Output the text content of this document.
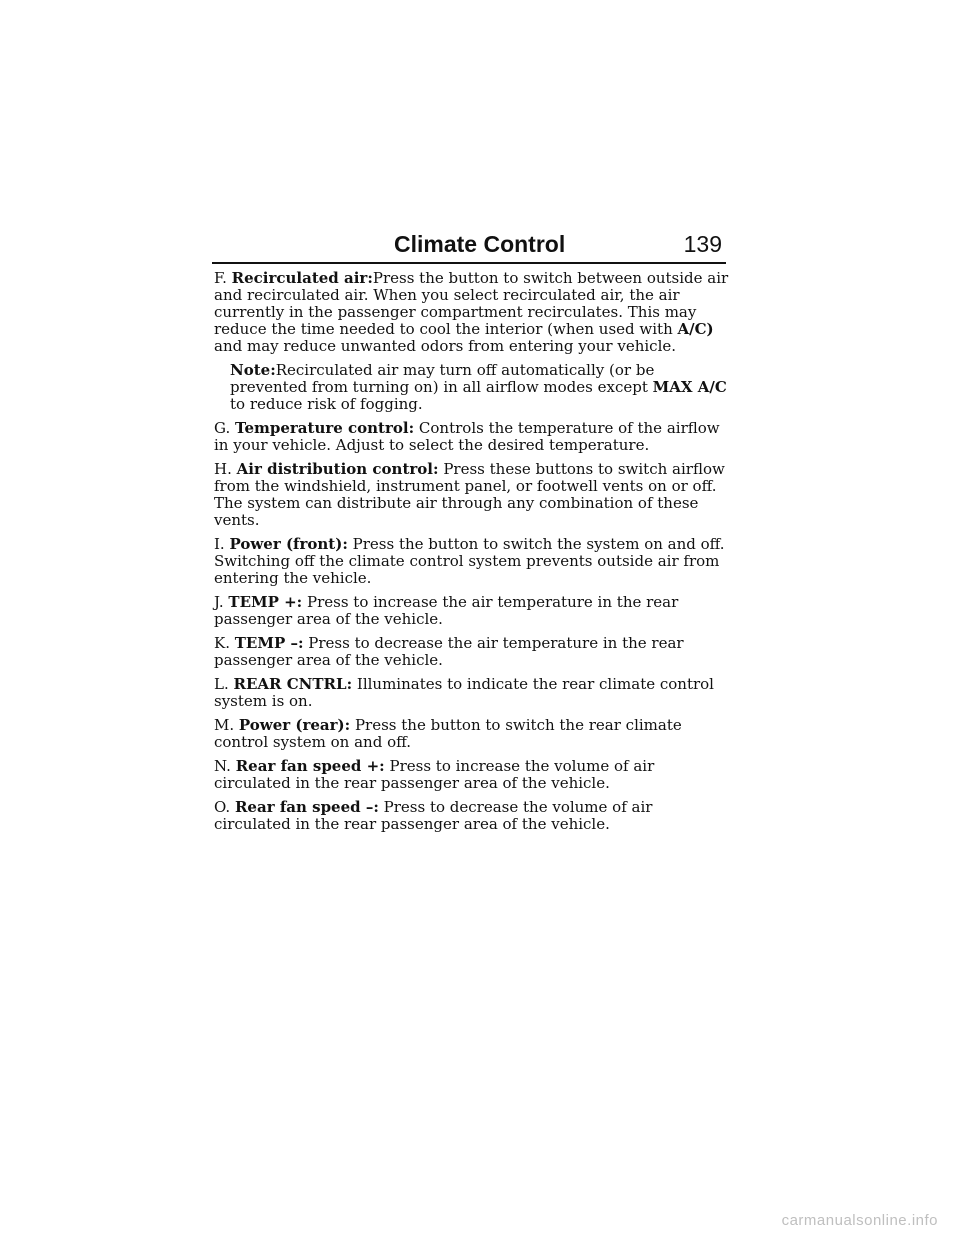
Climate Control	139

F. Recirculated air:Press the button to switch between outside air and recirculated air. When you select recirculated air, the air currently in the passenger compartment recirculates. This may reduce the time needed to cool the interior (when used with A/C) and may reduce unwanted odors from entering your vehicle.

Note:Recirculated air may turn off automatically (or be prevented from turning on) in all airflow modes except MAX A/C to reduce risk of fogging.

G. Temperature control: Controls the temperature of the airflow in your vehicle. Adjust to select the desired temperature.

H. Air distribution control: Press these buttons to switch airflow from the windshield, instrument panel, or footwell vents on or off. The system can distribute air through any combination of these vents.

I. Power (front): Press the button to switch the system on and off. Switching off the climate control system prevents outside air from entering the vehicle.

J. TEMP +: Press to increase the air temperature in the rear passenger area of the vehicle.

K. TEMP –: Press to decrease the air temperature in the rear passenger area of the vehicle.

L. REAR CNTRL: Illuminates to indicate the rear climate control system is on.

M. Power (rear): Press the button to switch the rear climate control system on and off.

N. Rear fan speed +: Press to increase the volume of air circulated in the rear passenger area of the vehicle.

O. Rear fan speed –: Press to decrease the volume of air circulated in the rear passenger area of the vehicle.

carmanualsonline.info
